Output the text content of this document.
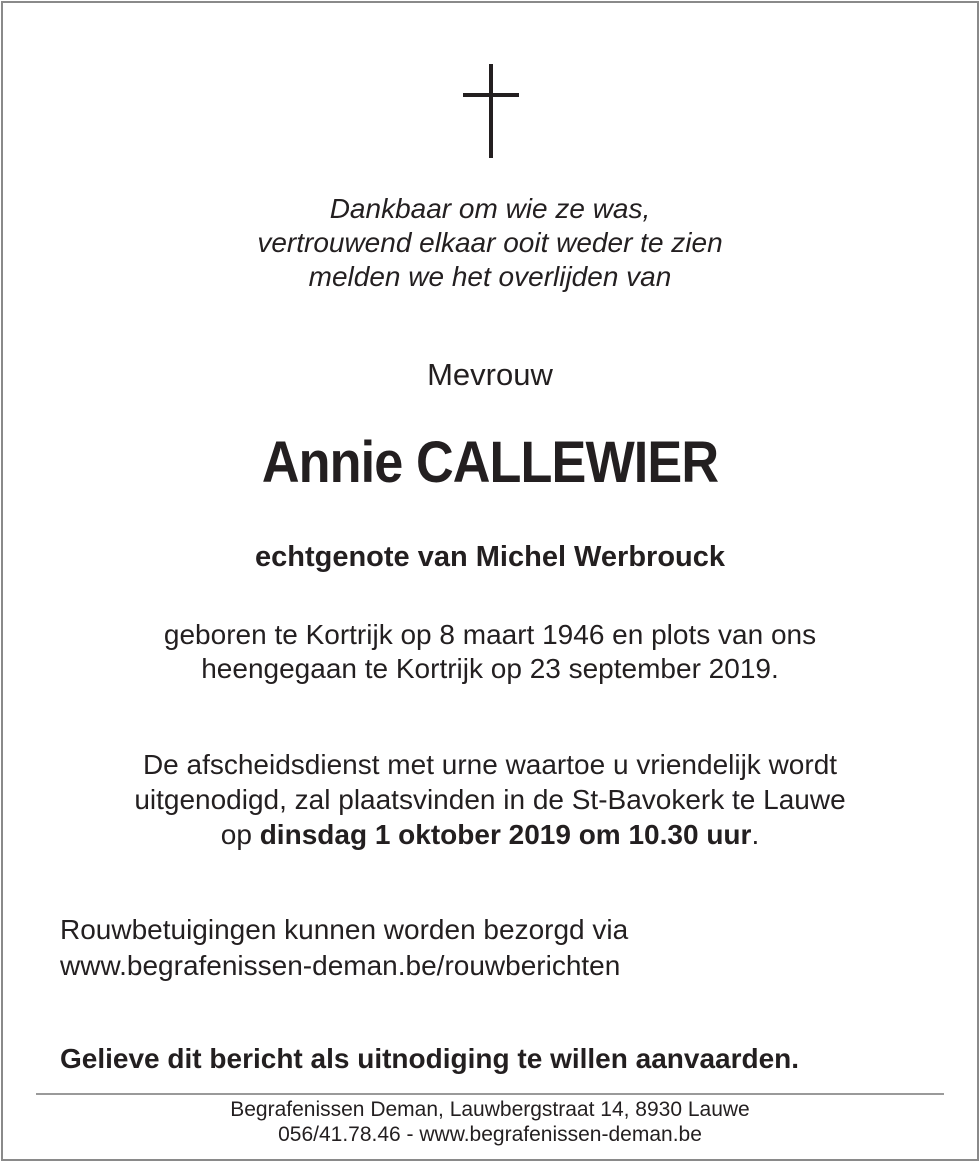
Dankbaar om wie ze was,
vertrouwend elkaar ooit weder te zien
melden we het overlijden van
Mevrouw
Annie CALLEWIER
echtgenote van Michel Werbrouck
geboren te Kortrijk op 8 maart 1946 en plots van ons
heengegaan te Kortrijk op 23 september 2019.
De afscheidsdienst met urne waartoe u vriendelijk wordt
uitgenodigd, zal plaatsvinden in de St-Bavokerk te Lauwe
op dinsdag 1 oktober 2019 om 10.30 uur.
Rouwbetuigingen kunnen worden bezorgd via
www.begrafenissen-deman.be/rouwberichten
Gelieve dit bericht als uitnodiging te willen aanvaarden.
Begrafenissen Deman, Lauwbergstraat 14, 8930 Lauwe
056/41.78.46 - www.begrafenissen-deman.be
